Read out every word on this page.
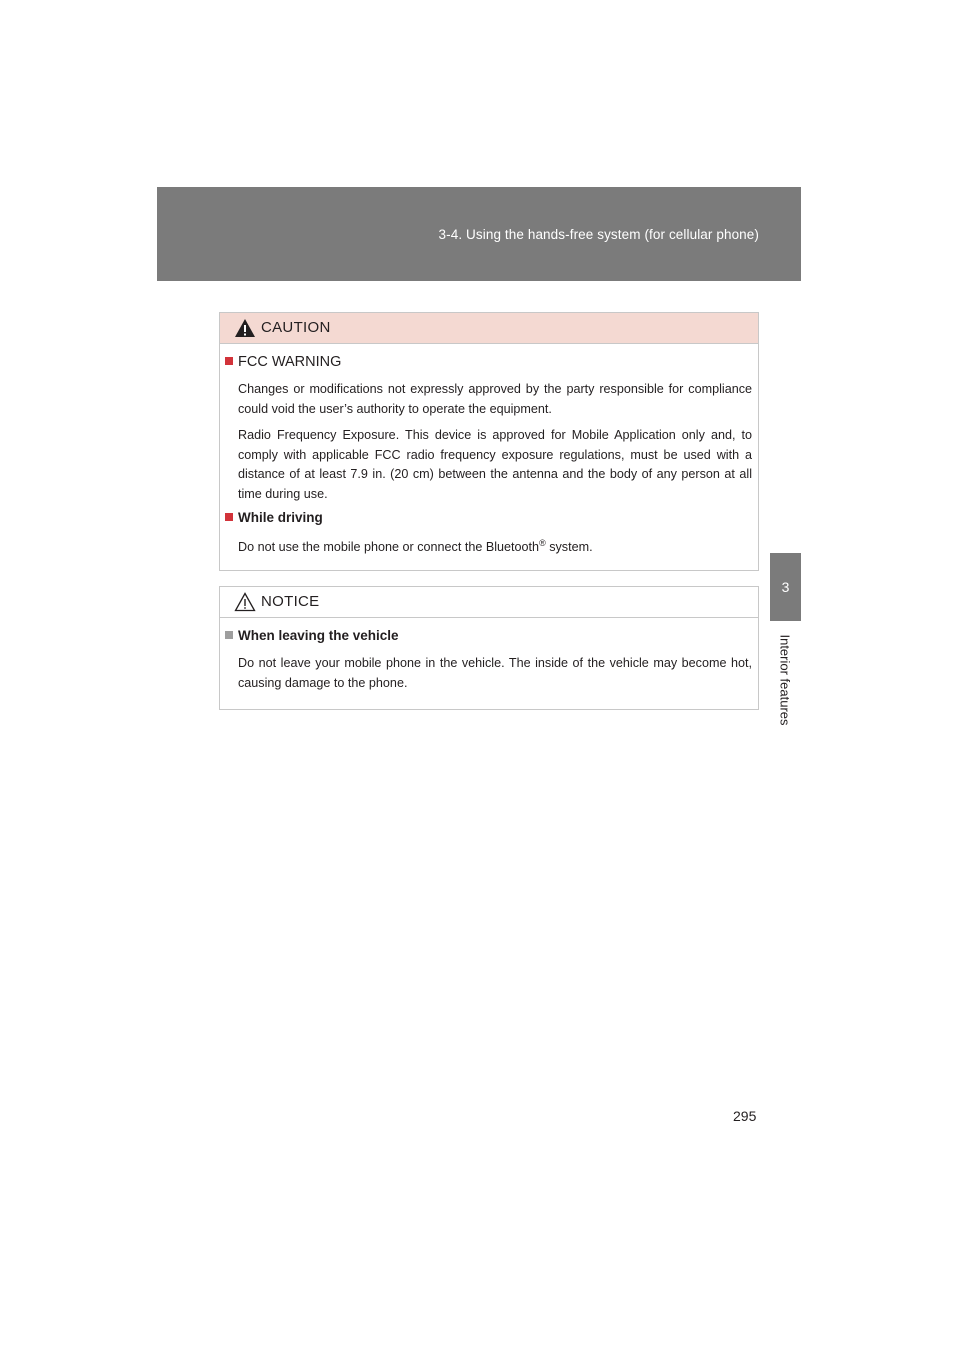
3-4. Using the hands-free system (for cellular phone)
3
Interior features
CAUTION
FCC WARNING
Changes or modifications not expressly approved by the party responsible for compliance could void the user’s authority to operate the equipment.
Radio Frequency Exposure. This device is approved for Mobile Application only and, to comply with applicable FCC radio frequency exposure regulations, must be used with a distance of at least 7.9 in. (20 cm) between the antenna and the body of any person at all time during use.
While driving
Do not use the mobile phone or connect the Bluetooth® system.
NOTICE
When leaving the vehicle
Do not leave your mobile phone in the vehicle. The inside of the vehicle may become hot, causing damage to the phone.
295
